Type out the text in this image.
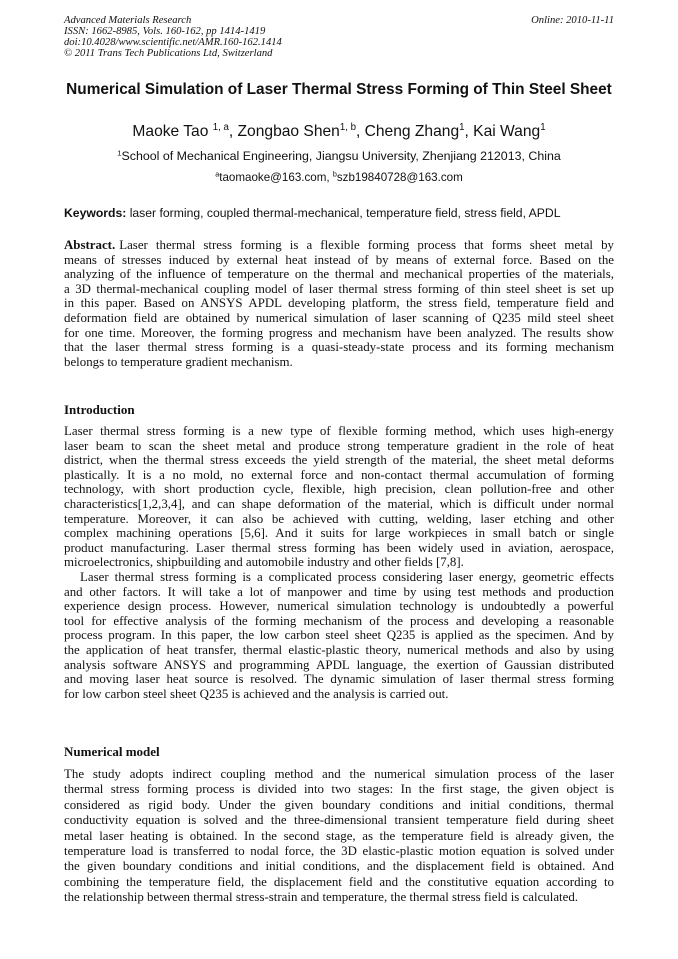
Advanced Materials Research
ISSN: 1662-8985, Vols. 160-162, pp 1414-1419
doi:10.4028/www.scientific.net/AMR.160-162.1414
© 2011 Trans Tech Publications Ltd, Switzerland
Online: 2010-11-11
Numerical Simulation of Laser Thermal Stress Forming of Thin Steel Sheet
Maoke Tao $^{1, a}$, Zongbao Shen$^{1, b}$, Cheng Zhang$^1$, Kai Wang$^1$
$^1$School of Mechanical Engineering, Jiangsu University, Zhenjiang 212013, China
$^a$taomaoke@163.com, $^b$szb19840728@163.com
Keywords: laser forming, coupled thermal-mechanical, temperature field, stress field, APDL
Abstract. Laser thermal stress forming is a flexible forming process that forms sheet metal by
means of stresses induced by external heat instead of by means of external force. Based on the
analyzing of the influence of temperature on the thermal and mechanical properties of the materials,
a 3D thermal-mechanical coupling model of laser thermal stress forming of thin steel sheet is set up
in this paper. Based on ANSYS APDL developing platform, the stress field, temperature field and
deformation field are obtained by numerical simulation of laser scanning of Q235 mild steel sheet
for one time. Moreover, the forming progress and mechanism have been analyzed. The results show
that the laser thermal stress forming is a quasi-steady-state process and its forming mechanism
belongs to temperature gradient mechanism.
Introduction
Laser thermal stress forming is a new type of flexible forming method, which uses high-energy
laser beam to scan the sheet metal and produce strong temperature gradient in the role of heat
district, when the thermal stress exceeds the yield strength of the material, the sheet metal deforms
plastically. It is a no mold, no external force and non-contact thermal accumulation of forming
technology, with short production cycle, flexible, high precision, clean pollution-free and other
characteristics[1,2,3,4], and can shape deformation of the material, which is difficult under normal
temperature. Moreover, it can also be achieved with cutting, welding, laser etching and other
complex machining operations [5,6]. And it suits for large workpieces in small batch or single
product manufacturing. Laser thermal stress forming has been widely used in aviation, aerospace,
microelectronics, shipbuilding and automobile industry and other fields [7,8].
Laser thermal stress forming is a complicated process considering laser energy, geometric effects
and other factors. It will take a lot of manpower and time by using test methods and production
experience design process. However, numerical simulation technology is undoubtedly a powerful
tool for effective analysis of the forming mechanism of the process and developing a reasonable
process program. In this paper, the low carbon steel sheet Q235 is applied as the specimen. And by
the application of heat transfer, thermal elastic-plastic theory, numerical methods and also by using
analysis software ANSYS and programming APDL language, the exertion of Gaussian distributed
and moving laser heat source is resolved. The dynamic simulation of laser thermal stress forming
for low carbon steel sheet Q235 is achieved and the analysis is carried out.
Numerical model
The study adopts indirect coupling method and the numerical simulation process of the laser
thermal stress forming process is divided into two stages: In the first stage, the given object is
considered as rigid body. Under the given boundary conditions and initial conditions, thermal
conductivity equation is solved and the three-dimensional transient temperature field during sheet
metal laser heating is obtained. In the second stage, as the temperature field is already given, the
temperature load is transferred to nodal force, the 3D elastic-plastic motion equation is solved under
the given boundary conditions and initial conditions, and the displacement field is obtained. And
combining the temperature field, the displacement field and the constitutive equation according to
the relationship between thermal stress-strain and temperature, the thermal stress field is calculated.
